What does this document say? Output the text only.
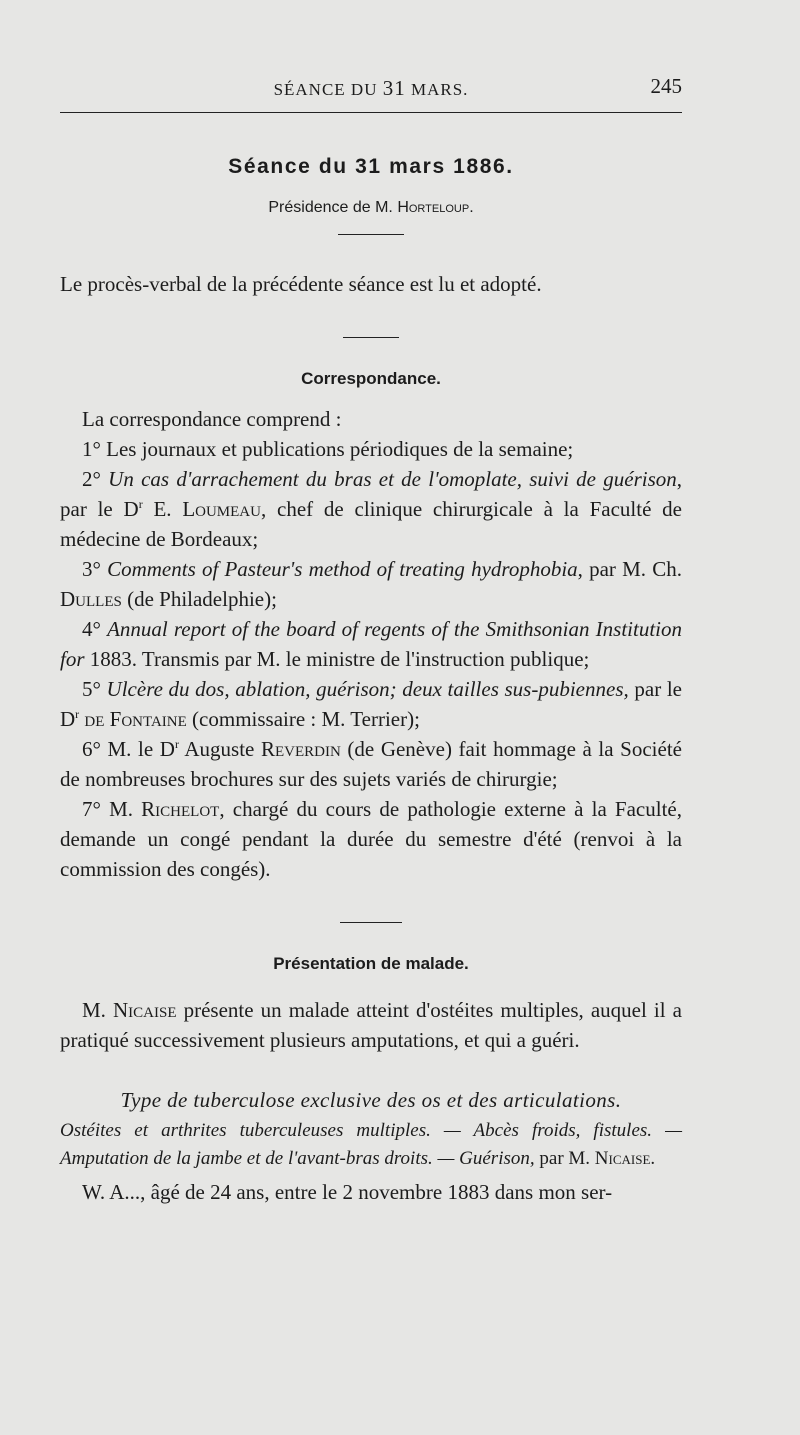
SÉANCE DU 31 MARS.	245
Séance du 31 mars 1886.
Présidence de M. Horteloup.

Le procès-verbal de la précédente séance est lu et adopté.

Correspondance.

La correspondance comprend :

1° Les journaux et publications périodiques de la semaine;

2° Un cas d'arrachement du bras et de l'omoplate, suivi de guérison, par le $D^r$ E. Loumeau, chef de clinique chirurgicale à la Faculté de médecine de Bordeaux;

3° Comments of Pasteur's method of treating hydrophobia, par M. Ch. Dulles (de Philadelphie);

4° Annual report of the board of regents of the Smithsonian Institution for 1883. Transmis par M. le ministre de l'instruction publique;

5° Ulcère du dos, ablation, guérison; deux tailles sus-pubiennes, par le $D^r$ de Fontaine (commissaire : M. Terrier);

6° M. le $D^r$ Auguste Reverdin (de Genève) fait hommage à la Société de nombreuses brochures sur des sujets variés de chirurgie;

7° M. Richelot, chargé du cours de pathologie externe à la Faculté, demande un congé pendant la durée du semestre d'été (renvoi à la commission des congés).

Présentation de malade.

M. Nicaise présente un malade atteint d'ostéites multiples, auquel il a pratiqué successivement plusieurs amputations, et qui a guéri.

Type de tuberculose exclusive des os et des articulations.

Ostéites et arthrites tuberculeuses multiples. — Abcès froids, fistules. — Amputation de la jambe et de l'avant-bras droits. — Guérison, par M. Nicaise.

W. A..., âgé de 24 ans, entre le 2 novembre 1883 dans mon ser-
